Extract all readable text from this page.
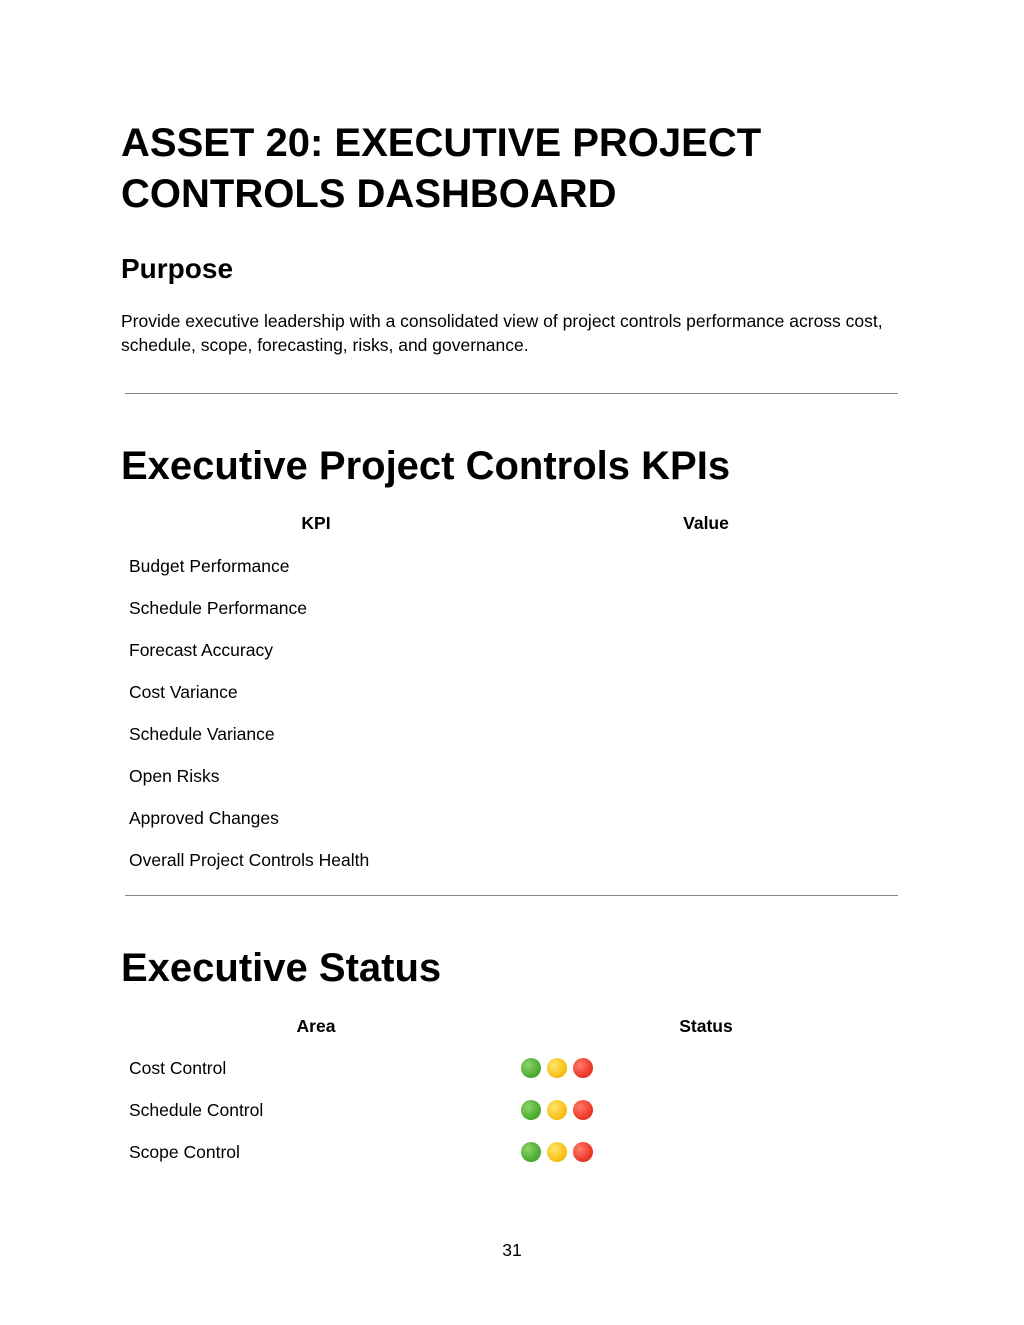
ASSET 20: EXECUTIVE PROJECT CONTROLS DASHBOARD
Purpose

Provide executive leadership with a consolidated view of project controls performance across cost, schedule, scope, forecasting, risks, and governance.

Executive Project Controls KPIs
KPI	Value
Budget Performance
Schedule Performance
Forecast Accuracy
Cost Variance
Schedule Variance
Open Risks
Approved Changes
Overall Project Controls Health
Executive Status
Area	Status
Cost Control
Schedule Control
Scope Control
31
